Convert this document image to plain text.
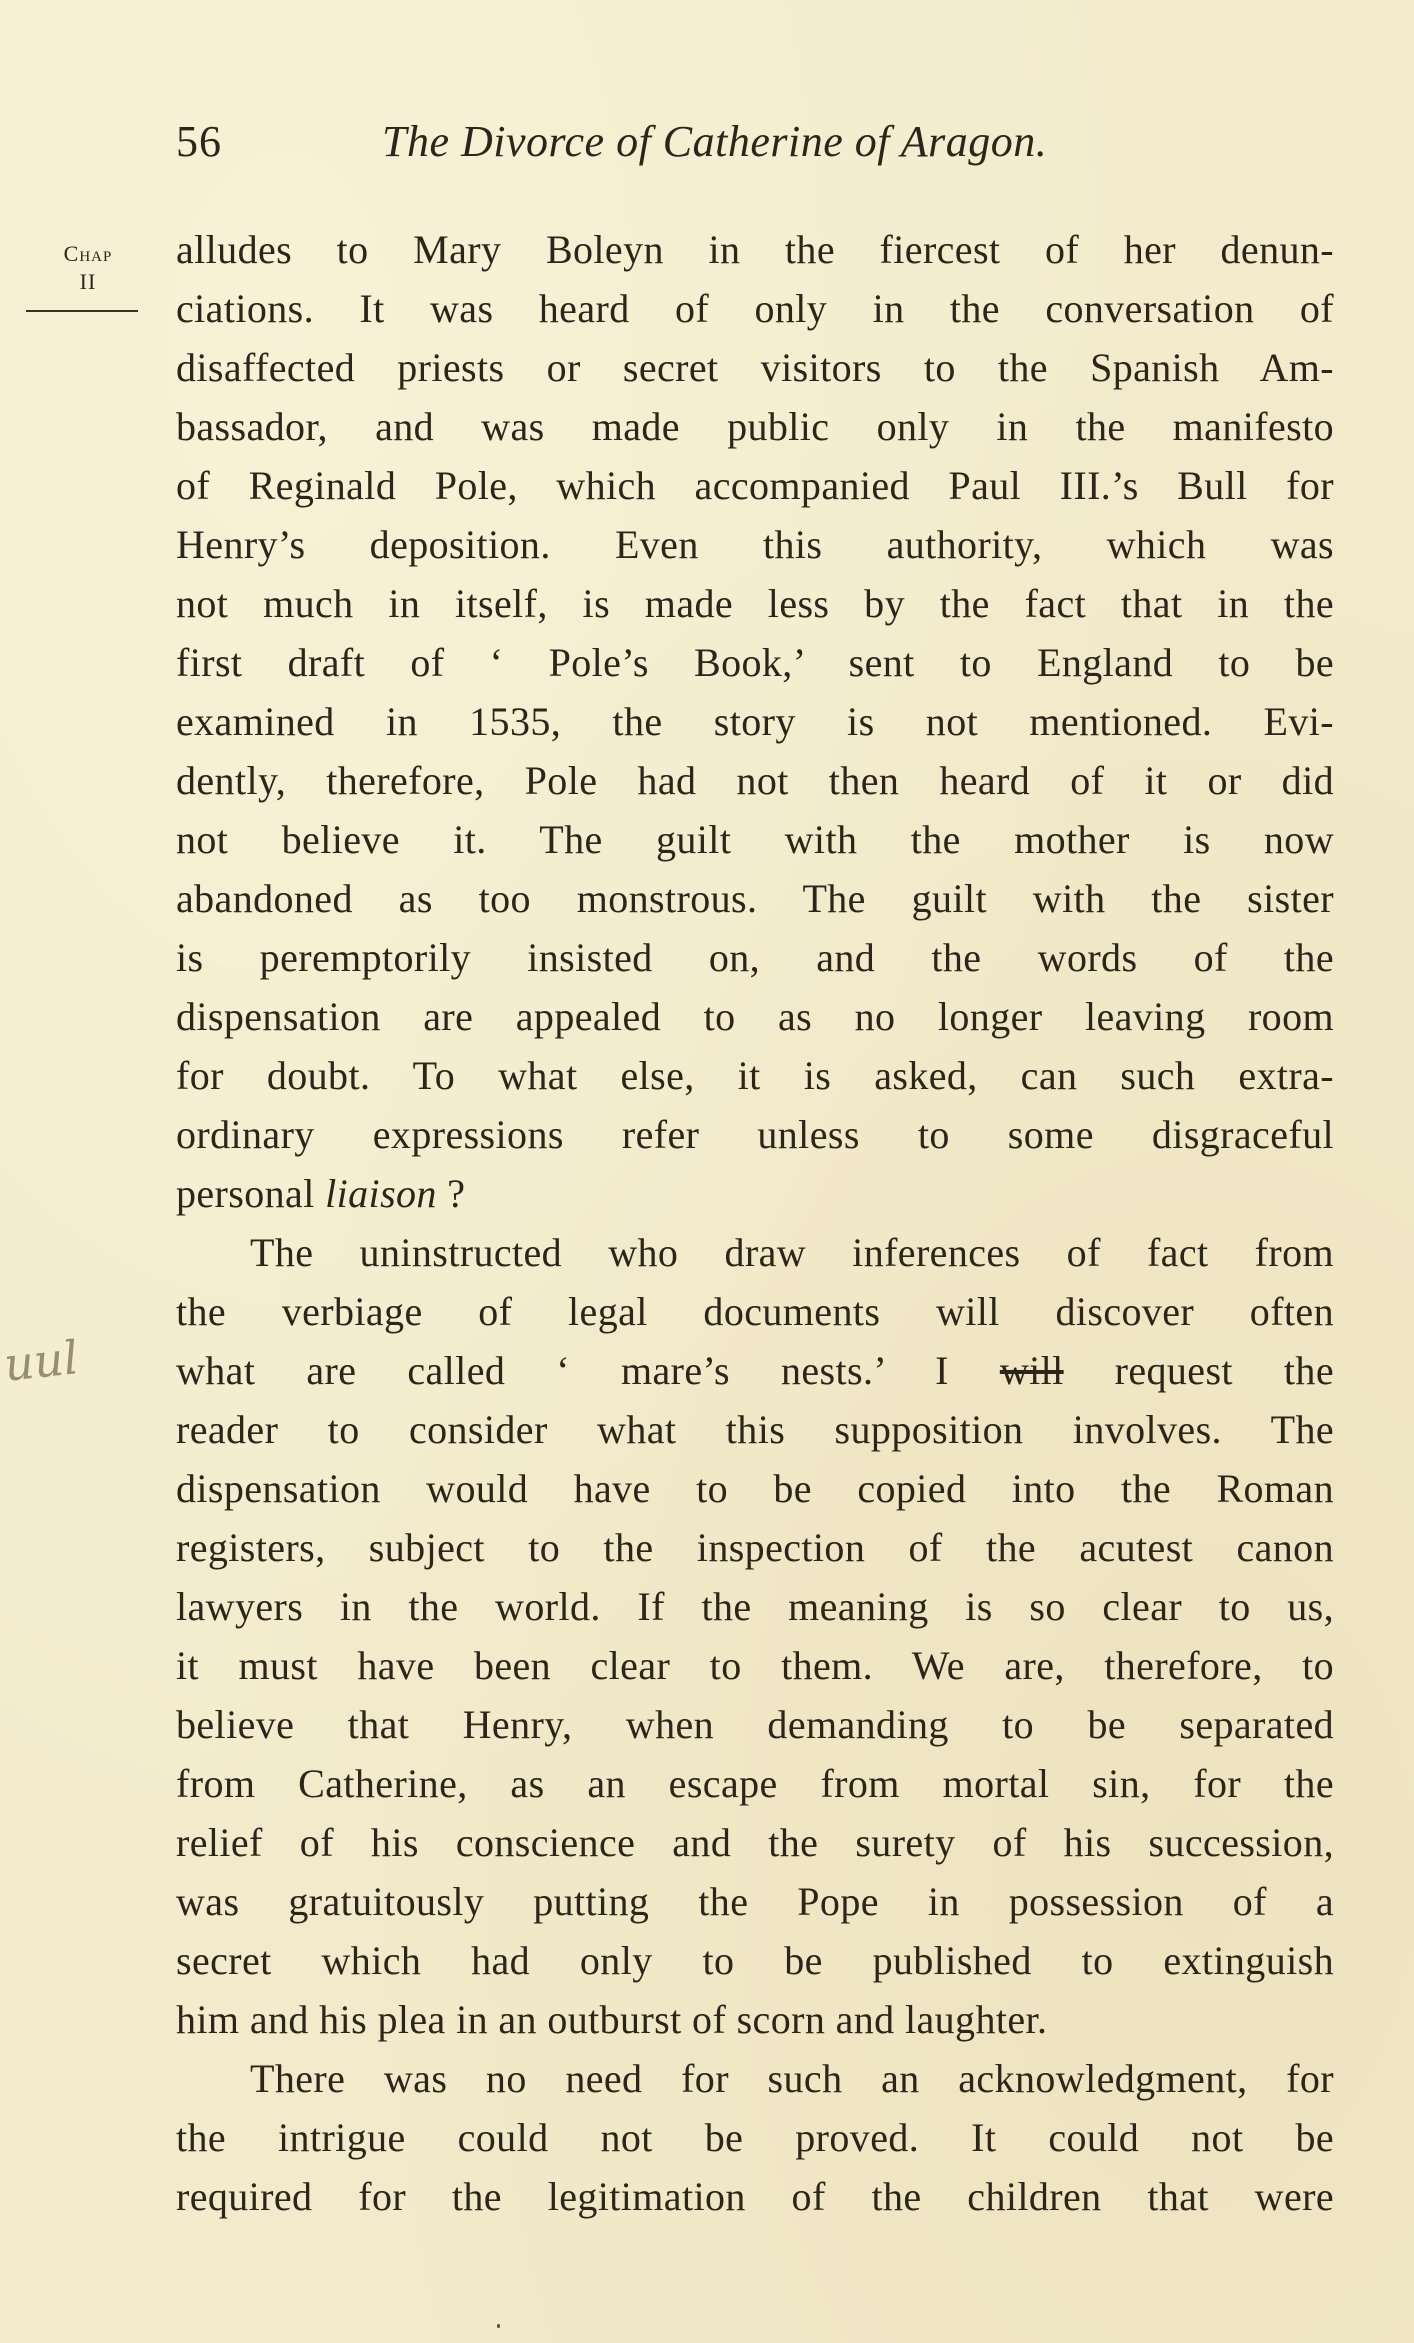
56	The Divorce of Catherine of Aragon.
Chap
II
uul
alludes to Mary Boleyn in the fiercest of her denun-
ciations. It was heard of only in the conversation of
disaffected priests or secret visitors to the Spanish Am-
bassador, and was made public only in the manifesto
of Reginald Pole, which accompanied Paul III.’s Bull for
Henry’s deposition. Even this authority, which was
not much in itself, is made less by the fact that in the
first draft of ‘ Pole’s Book,’ sent to England to be
examined in 1535, the story is not mentioned. Evi-
dently, therefore, Pole had not then heard of it or did
not believe it. The guilt with the mother is now
abandoned as too monstrous. The guilt with the sister
is peremptorily insisted on, and the words of the
dispensation are appealed to as no longer leaving room
for doubt. To what else, it is asked, can such extra-
ordinary expressions refer unless to some disgraceful
personal liaison ?
The uninstructed who draw inferences of fact from
the verbiage of legal documents will discover often
what are called ‘ mare’s nests.’ I will request the
reader to consider what this supposition involves. The
dispensation would have to be copied into the Roman
registers, subject to the inspection of the acutest canon
lawyers in the world. If the meaning is so clear to us,
it must have been clear to them. We are, therefore, to
believe that Henry, when demanding to be separated
from Catherine, as an escape from mortal sin, for the
relief of his conscience and the surety of his succession,
was gratuitously putting the Pope in possession of a
secret which had only to be published to extinguish
him and his plea in an outburst of scorn and laughter.
There was no need for such an acknowledgment, for
the intrigue could not be proved. It could not be
required for the legitimation of the children that were
